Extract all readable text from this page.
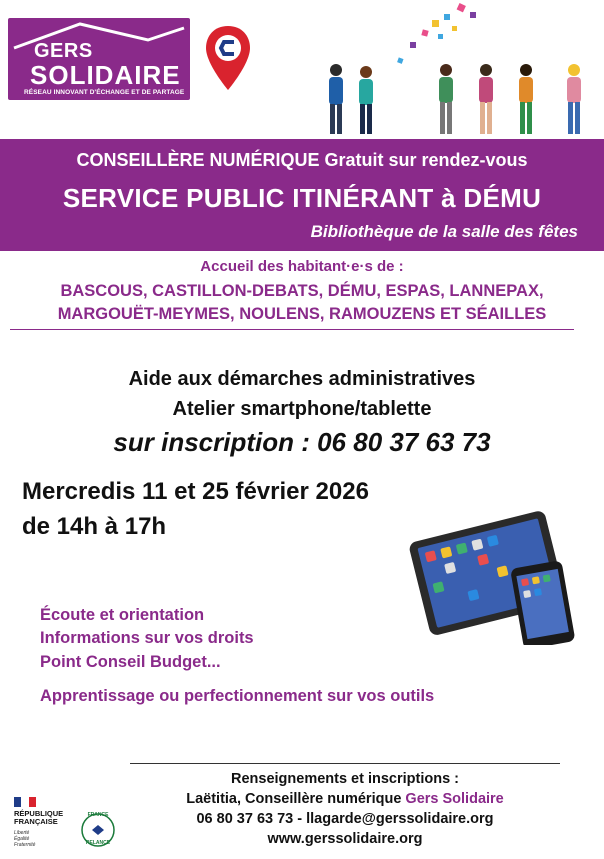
GERS
SOLIDAIRE
RÉSEAU INNOVANT D'ÉCHANGE ET DE PARTAGE
CONSEILLÈRE NUMÉRIQUE Gratuit sur rendez-vous
SERVICE PUBLIC ITINÉRANT à DÉMU
Bibliothèque de la salle des fêtes
Accueil des habitant·e·s de :
BASCOUS, CASTILLON-DEBATS, DÉMU, ESPAS, LANNEPAX,
MARGOUËT-MEYMES, NOULENS, RAMOUZENS ET SÉAILLES
Aide aux démarches administratives
Atelier smartphone/tablette
sur inscription : 06 80 37 63 73
Mercredis 11 et 25 février 2026
de 14h à 17h
Écoute et orientation
Informations sur vos droits
Point Conseil Budget...
Apprentissage ou perfectionnement sur vos outils
Renseignements et inscriptions :
Laëtitia, Conseillère numérique Gers Solidaire
06 80 37 63 73 - llagarde@gerssolidaire.org
www.gerssolidaire.org
RÉPUBLIQUE
FRANÇAISE
Liberté
Égalité
Fraternité
FRANCE
RELANCE
